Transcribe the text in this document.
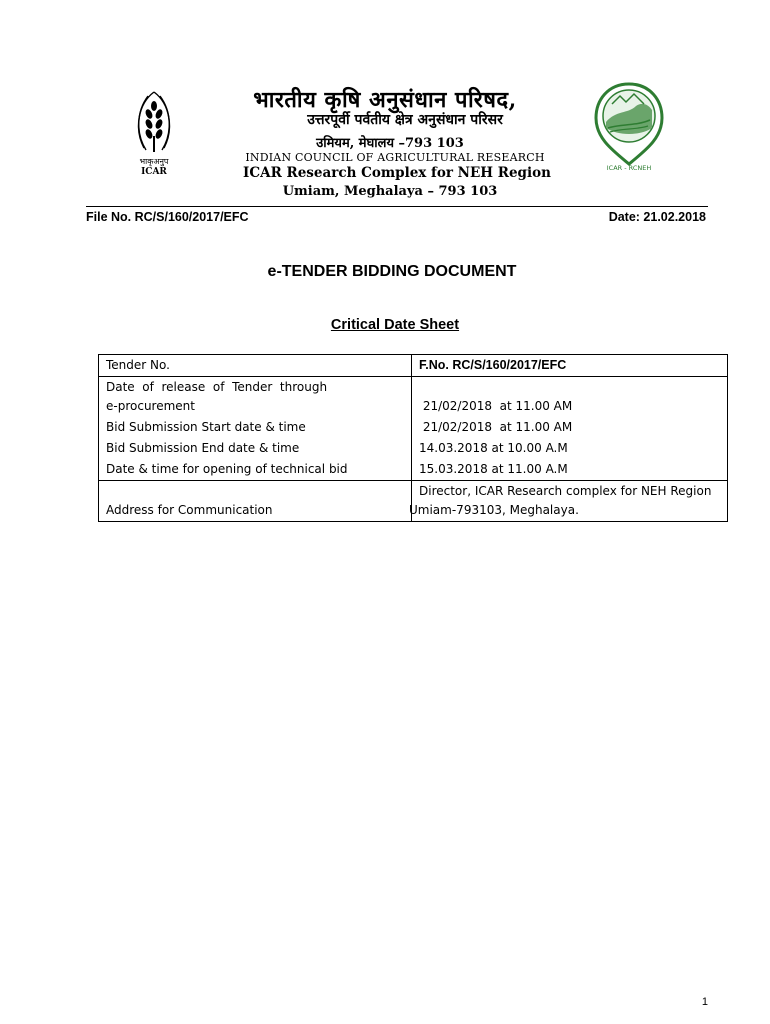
भाकृअनुप
ICAR	ICAR - RCNEH
भारतीय कृषि अनुसंधान परिषद,
उत्तरपूर्वी पर्वतीय क्षेत्र अनुसंधान परिसर
उमियम, मेघालय –793 103
INDIAN COUNCIL OF AGRICULTURAL RESEARCH
ICAR Research Complex for NEH Region
Umiam, Meghalaya – 793 103
File No. RC/S/160/2017/EFC	Date: 21.02.2018
e-TENDER BIDDING DOCUMENT
Critical Date Sheet
Tender No.	F.No. RC/S/160/2017/EFC

Date  of  release  of  Tender  through
e-procurement	21/02/2018  at 11.00 AM
Bid Submission Start date & time	21/02/2018  at 11.00 AM
Bid Submission End date & time	14.03.2018 at 10.00 A.M
Date & time for opening of technical bid	15.03.2018 at 11.00 A.M
Address for Communication	Director, ICAR Research complex for NEH Region
Umiam-793103, Meghalaya.
1
